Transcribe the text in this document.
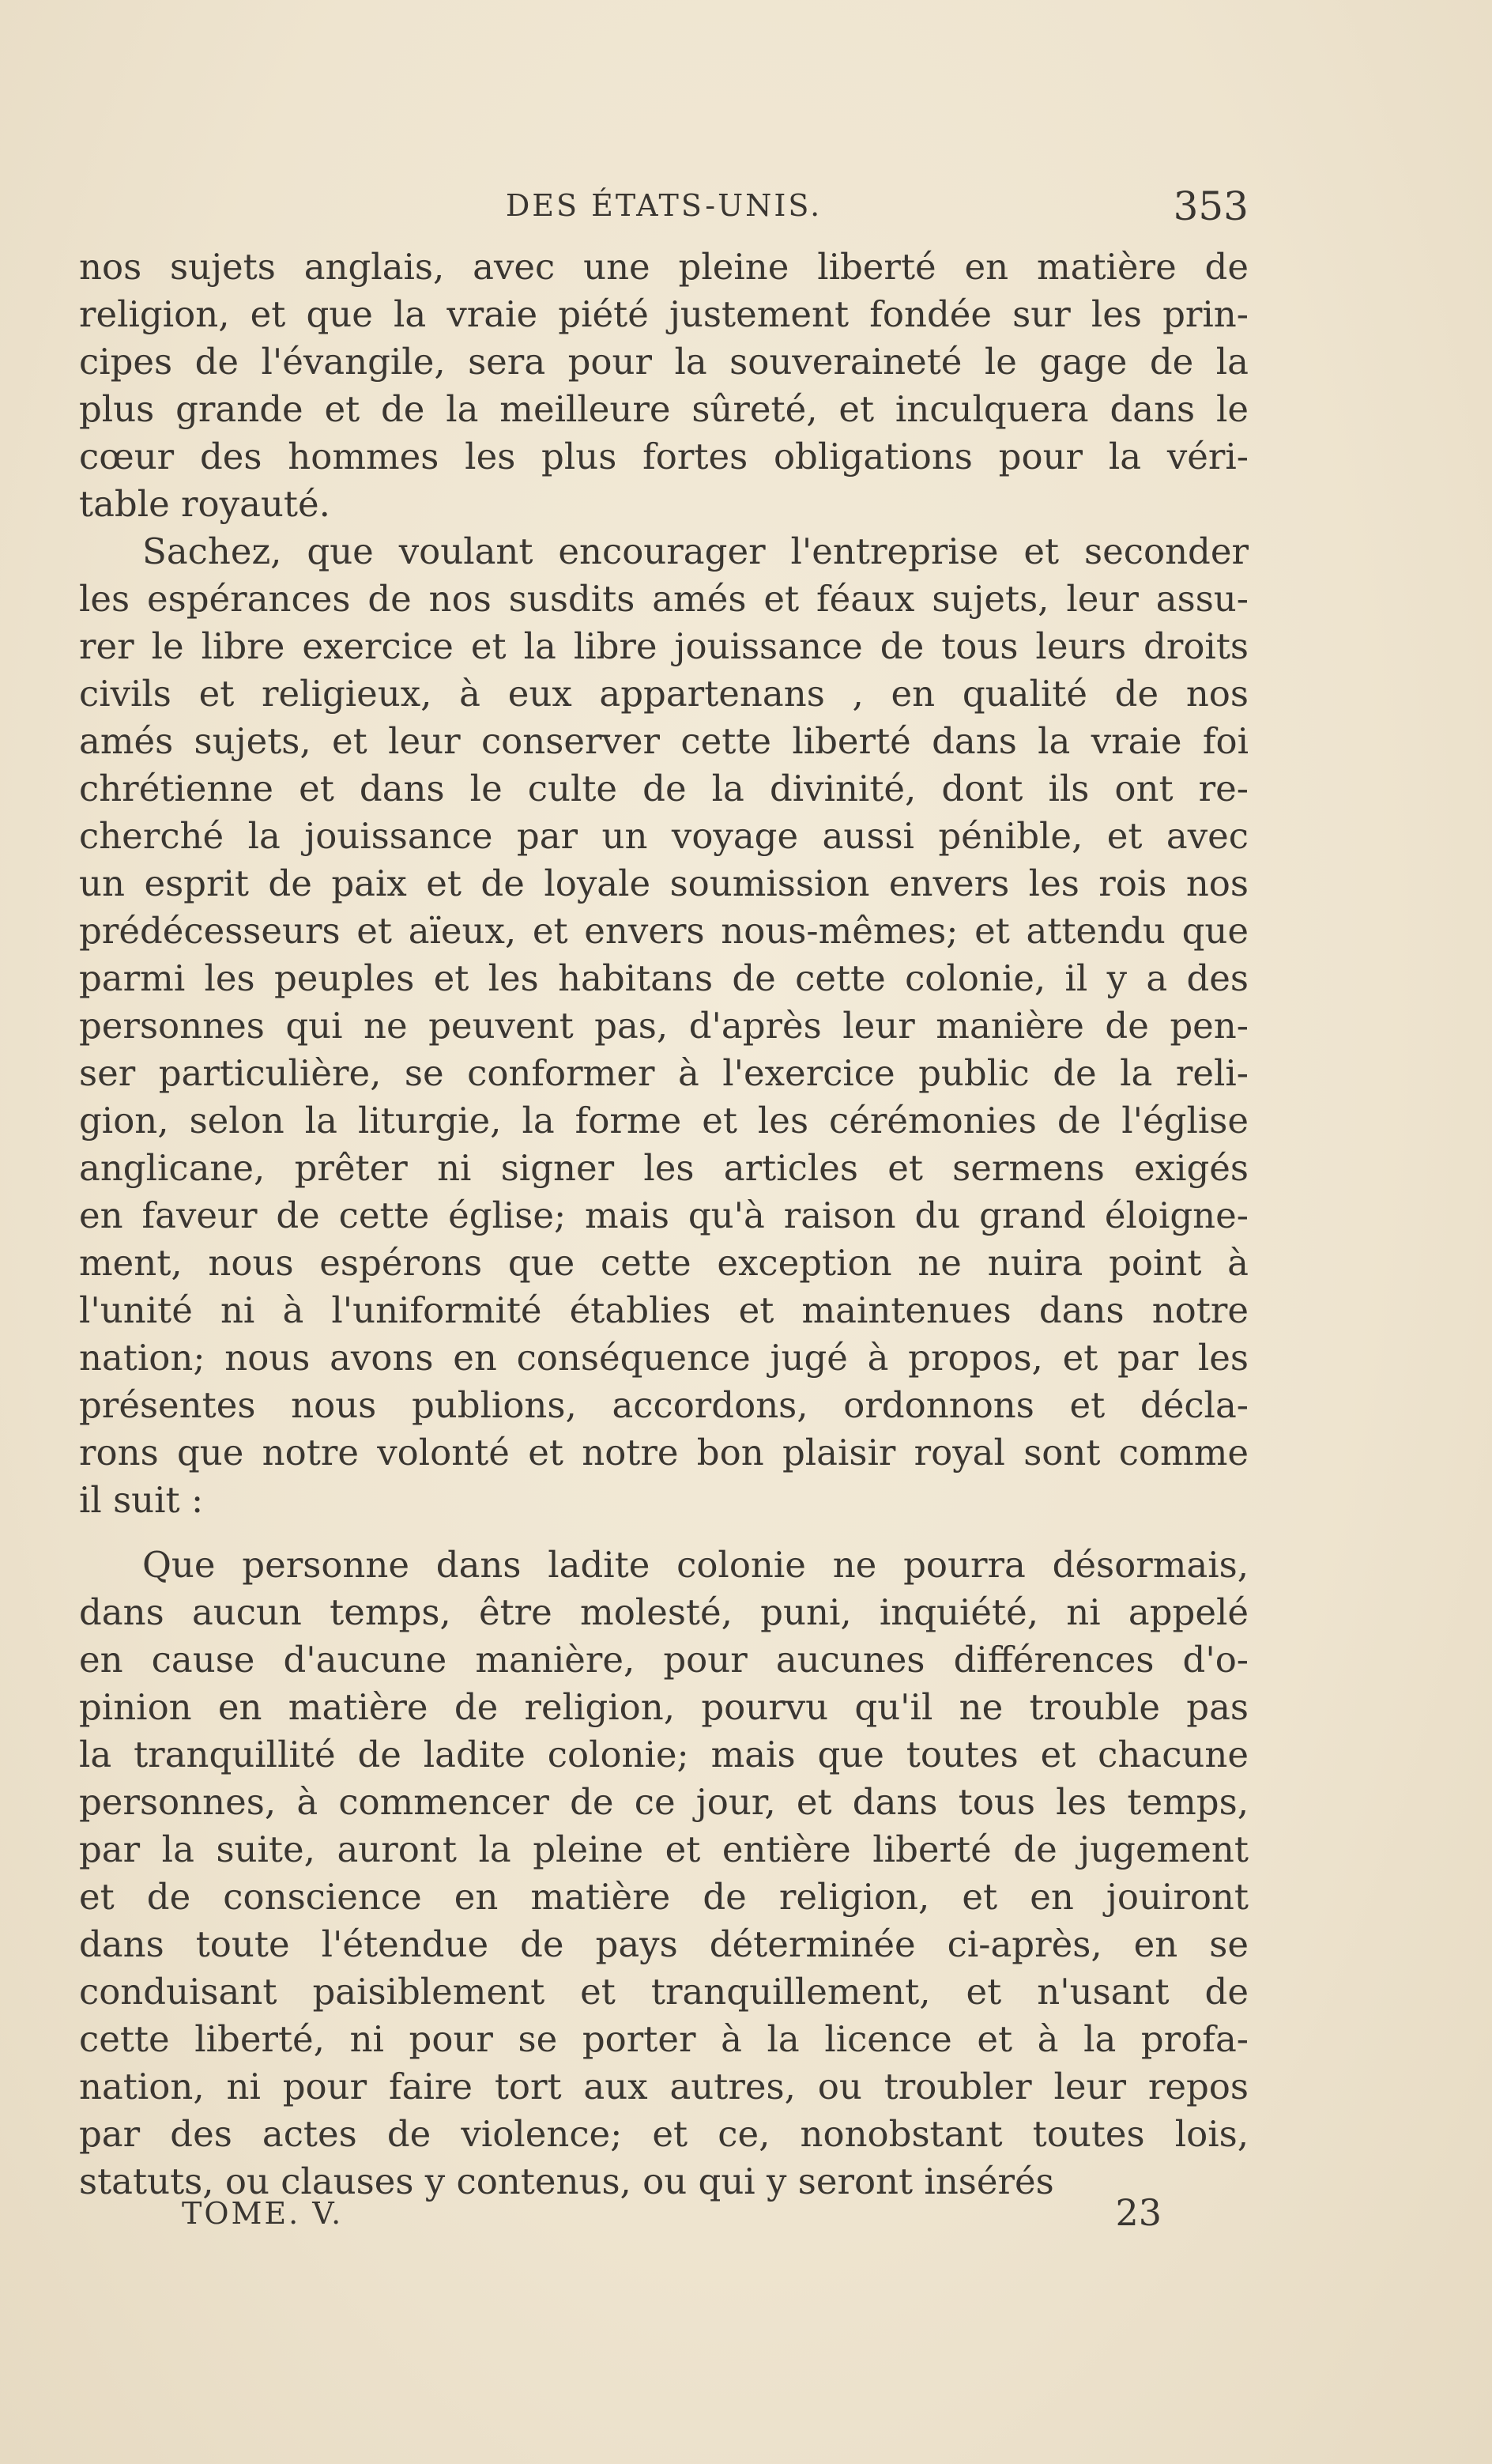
DES ÉTATS-UNIS.	353
nos sujets anglais, avec une pleine liberté en matière de
religion, et que la vraie piété justement fondée sur les prin-
cipes de l'évangile, sera pour la souveraineté le gage de la
plus grande et de la meilleure sûreté, et inculquera dans le
cœur des hommes les plus fortes obligations pour la véri-
table royauté.
Sachez, que voulant encourager l'entreprise et seconder
les espérances de nos susdits amés et féaux sujets, leur assu-
rer le libre exercice et la libre jouissance de tous leurs droits
civils et religieux, à eux appartenans , en qualité de nos
amés sujets, et leur conserver cette liberté dans la vraie foi
chrétienne et dans le culte de la divinité, dont ils ont re-
cherché la jouissance par un voyage aussi pénible, et avec
un esprit de paix et de loyale soumission envers les rois nos
prédécesseurs et aïeux, et envers nous-mêmes; et attendu que
parmi les peuples et les habitans de cette colonie, il y a des
personnes qui ne peuvent pas, d'après leur manière de pen-
ser particulière, se conformer à l'exercice public de la reli-
gion, selon la liturgie, la forme et les cérémonies de l'église
anglicane, prêter ni signer les articles et sermens exigés
en faveur de cette église; mais qu'à raison du grand éloigne-
ment, nous espérons que cette exception ne nuira point à
l'unité ni à l'uniformité établies et maintenues dans notre
nation; nous avons en conséquence jugé à propos, et par les
présentes nous publions, accordons, ordonnons et décla-
rons que notre volonté et notre bon plaisir royal sont comme
il suit :
Que personne dans ladite colonie ne pourra désormais,
dans aucun temps, être molesté, puni, inquiété, ni appelé
en cause d'aucune manière, pour aucunes différences d'o-
pinion en matière de religion, pourvu qu'il ne trouble pas
la tranquillité de ladite colonie; mais que toutes et chacune
personnes, à commencer de ce jour, et dans tous les temps,
par la suite, auront la pleine et entière liberté de jugement
et de conscience en matière de religion, et en jouiront
dans toute l'étendue de pays déterminée ci-après, en se
conduisant paisiblement et tranquillement, et n'usant de
cette liberté, ni pour se porter à la licence et à la profa-
nation, ni pour faire tort aux autres, ou troubler leur repos
par des actes de violence; et ce, nonobstant toutes lois,
statuts, ou clauses y contenus, ou qui y seront insérés
TOME. V.	23
